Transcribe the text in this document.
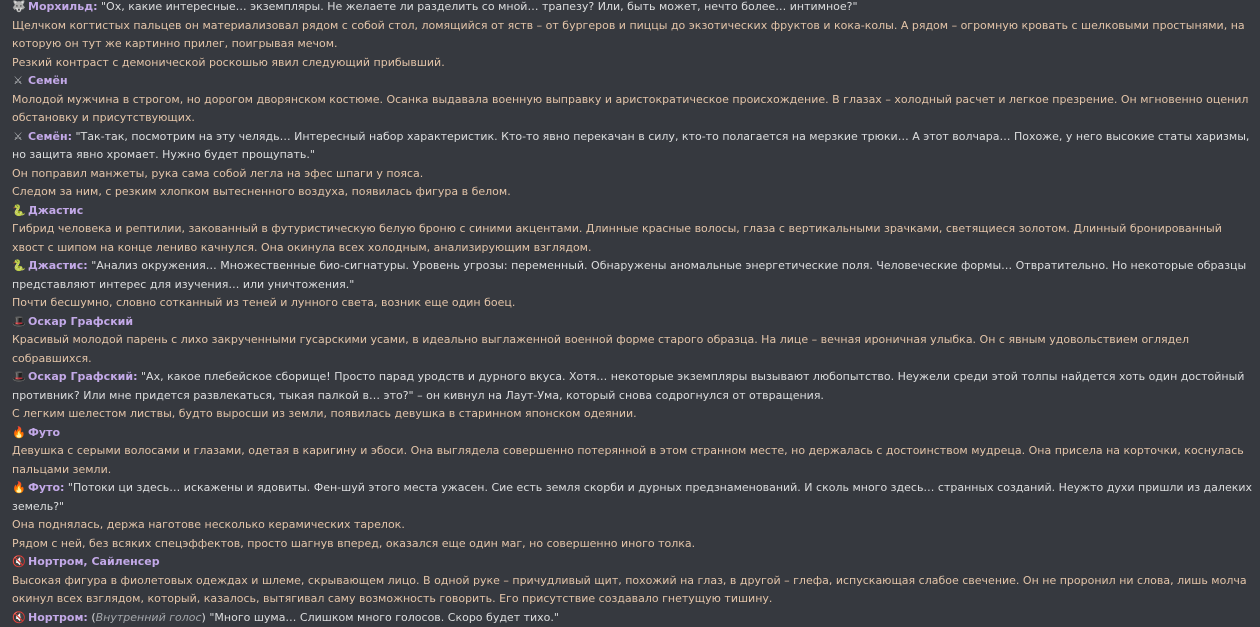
🐺 Морхильд: "Ох, какие интересные… экземпляры. Не желаете ли разделить со мной… трапезу? Или, быть может, нечто более… интимное?"

Щелчком когтистых пальцев он материализовал рядом с собой стол, ломящийся от яств – от бургеров и пиццы до экзотических фруктов и кока-колы. А рядом – огромную кровать с шелковыми простынями, на которую он тут же картинно прилег, поигрывая мечом.

Резкий контраст с демонической роскошью явил следующий прибывший.

⚔ Семён

Молодой мужчина в строгом, но дорогом дворянском костюме. Осанка выдавала военную выправку и аристократическое происхождение. В глазах – холодный расчет и легкое презрение. Он мгновенно оценил обстановку и присутствующих.

⚔ Семён: "Так-так, посмотрим на эту челядь… Интересный набор характеристик. Кто-то явно перекачан в силу, кто-то полагается на мерзкие трюки… А этот волчара… Похоже, у него высокие статы харизмы, но защита явно хромает. Нужно будет прощупать."

Он поправил манжеты, рука сама собой легла на эфес шпаги у пояса.

Следом за ним, с резким хлопком вытесненного воздуха, появилась фигура в белом.

🐍 Джастис

Гибрид человека и рептилии, закованный в футуристическую белую броню с синими акцентами. Длинные красные волосы, глаза с вертикальными зрачками, светящиеся золотом. Длинный бронированный хвост с шипом на конце лениво качнулся. Она окинула всех холодным, анализирующим взглядом.

🐍 Джастис: "Анализ окружения… Множественные био-сигнатуры. Уровень угрозы: переменный. Обнаружены аномальные энергетические поля. Человеческие формы… Отвратительно. Но некоторые образцы представляют интерес для изучения… или уничтожения."

Почти бесшумно, словно сотканный из теней и лунного света, возник еще один боец.

🎩 Оскар Графский

Красивый молодой парень с лихо закрученными гусарскими усами, в идеально выглаженной военной форме старого образца. На лице – вечная ироничная улыбка. Он с явным удовольствием оглядел собравшихся.

🎩 Оскар Графский: "Ах, какое плебейское сборище! Просто парад уродств и дурного вкуса. Хотя… некоторые экземпляры вызывают любопытство. Неужели среди этой толпы найдется хоть один достойный противник? Или мне придется развлекаться, тыкая палкой в… это?" – он кивнул на Лаут-Ума, который снова содрогнулся от отвращения.

С легким шелестом листвы, будто выросши из земли, появилась девушка в старинном японском одеянии.

🔥 Футо

Девушка с серыми волосами и глазами, одетая в каригину и эбоси. Она выглядела совершенно потерянной в этом странном месте, но держалась с достоинством мудреца. Она присела на корточки, коснулась пальцами земли.

🔥 Футо: "Потоки ци здесь… искажены и ядовиты. Фен-шуй этого места ужасен. Сие есть земля скорби и дурных предзнаменований. И сколь много здесь… странных созданий. Неужто духи пришли из далеких земель?"

Она поднялась, держа наготове несколько керамических тарелок.

Рядом с ней, без всяких спецэффектов, просто шагнув вперед, оказался еще один маг, но совершенно иного толка.

🔇 Нортром, Сайленсер

Высокая фигура в фиолетовых одеждах и шлеме, скрывающем лицо. В одной руке – причудливый щит, похожий на глаз, в другой – глефа, испускающая слабое свечение. Он не проронил ни слова, лишь молча окинул всех взглядом, который, казалось, вытягивал саму возможность говорить. Его присутствие создавало гнетущую тишину.

🔇 Нортром: (Внутренний голос) "Много шума… Слишком много голосов. Скоро будет тихо."
